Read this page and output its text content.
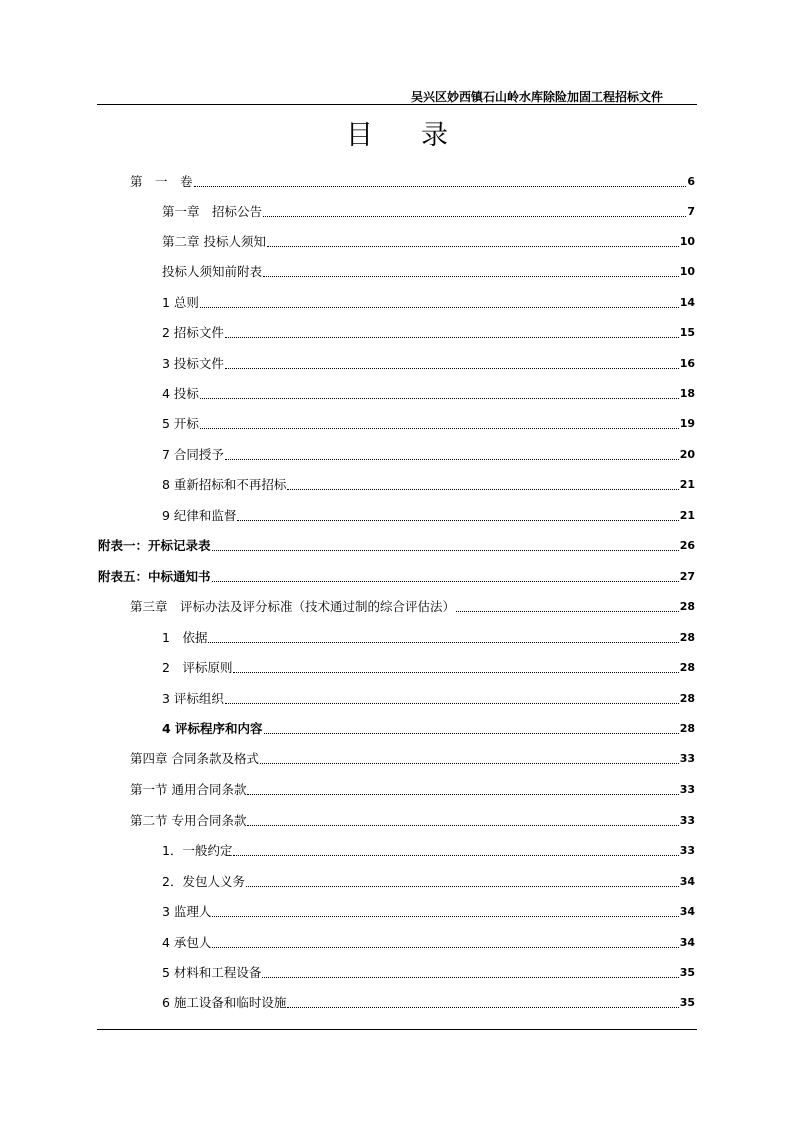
吴兴区妙西镇石山岭水库除险加固工程招标文件
目 录
第　一　卷	6
第一章　招标公告	7
第二章 投标人须知	10
投标人须知前附表	10
1 总则	14
2 招标文件	15
3 投标文件	16
4 投标	18
5 开标	19
7 合同授予	20
8 重新招标和不再招标	21
9 纪律和监督	21
附表一：开标记录表	26
附表五：中标通知书	27
第三章　评标办法及评分标准（技术通过制的综合评估法）	28
1　依据	28
2　评标原则	28
3 评标组织	28
4 评标程序和内容	28
第四章 合同条款及格式	33
第一节 通用合同条款	33
第二节 专用合同条款	33
1．一般约定	33
2．发包人义务	34
3 监理人	34
4 承包人	34
5 材料和工程设备	35
6 施工设备和临时设施	35
